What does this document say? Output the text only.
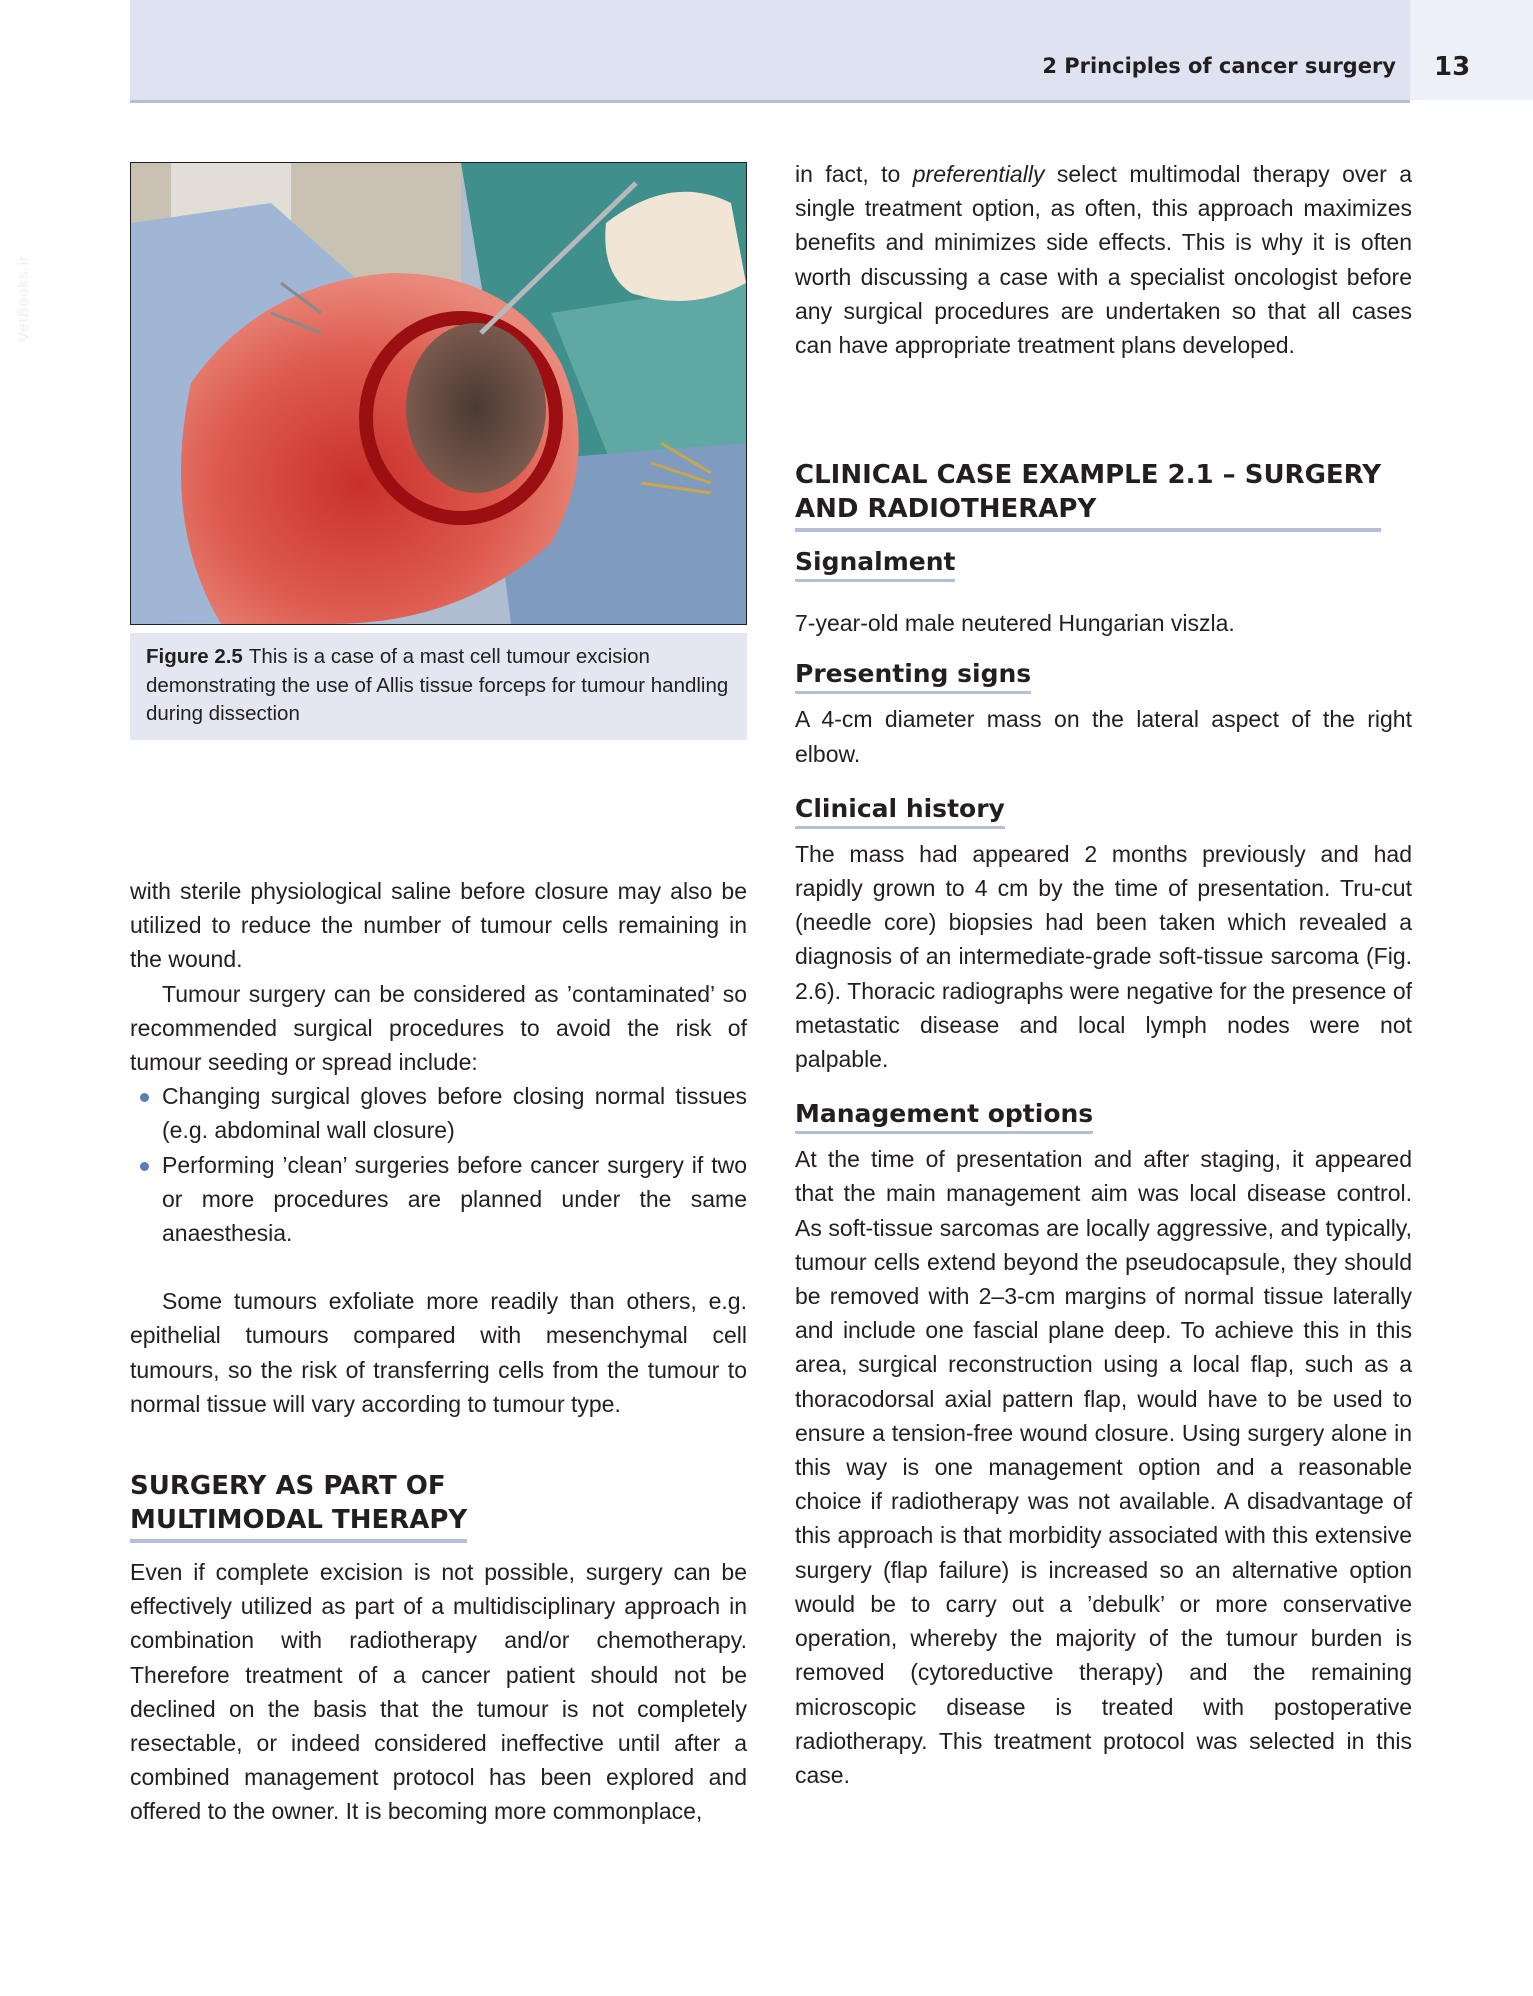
2 Principles of cancer surgery 13
VetBooks.ir
Figure 2.5 This is a case of a mast cell tumour excision demonstrating the use of Allis tissue forceps for tumour handling during dissection

with sterile physiological saline before closure may also be utilized to reduce the number of tumour cells remaining in the wound.

Tumour surgery can be considered as ’contaminated’ so recommended surgical procedures to avoid the risk of tumour seeding or spread include:

Changing surgical gloves before closing normal tissues (e.g. abdominal wall closure)
Performing ’clean’ surgeries before cancer surgery if two or more procedures are planned under the same anaesthesia.

Some tumours exfoliate more readily than others, e.g. epithelial tumours compared with mesenchymal cell tumours, so the risk of transferring cells from the tumour to normal tissue will vary according to tumour type.

SURGERY AS PART OF
MULTIMODAL THERAPY

Even if complete excision is not possible, surgery can be effectively utilized as part of a multidisciplinary approach in combination with radiotherapy and/or chemotherapy. Therefore treatment of a cancer patient should not be declined on the basis that the tumour is not completely resectable, or indeed considered ineffective until after a combined management protocol has been explored and offered to the owner. It is becoming more commonplace,

in fact, to preferentially select multimodal therapy over a single treatment option, as often, this approach maximizes benefits and minimizes side effects. This is why it is often worth discussing a case with a specialist oncologist before any surgical procedures are undertaken so that all cases can have appropriate treatment plans developed.

CLINICAL CASE EXAMPLE 2.1 – SURGERY
AND RADIOTHERAPY
Signalment

7-year-old male neutered Hungarian viszla.

Presenting signs

A 4-cm diameter mass on the lateral aspect of the right elbow.

Clinical history

The mass had appeared 2 months previously and had rapidly grown to 4 cm by the time of presentation. Tru-cut (needle core) biopsies had been taken which revealed a diagnosis of an intermediate-grade soft-tissue sarcoma (Fig. 2.6). Thoracic radiographs were negative for the presence of metastatic disease and local lymph nodes were not palpable.

Management options

At the time of presentation and after staging, it appeared that the main management aim was local disease control. As soft-tissue sarcomas are locally aggressive, and typically, tumour cells extend beyond the pseudocapsule, they should be removed with 2–3-cm margins of normal tissue laterally and include one fascial plane deep. To achieve this in this area, surgical reconstruction using a local flap, such as a thoracodorsal axial pattern flap, would have to be used to ensure a tension-free wound closure. Using surgery alone in this way is one management option and a reasonable choice if radiotherapy was not available. A disadvantage of this approach is that morbidity associated with this extensive surgery (flap failure) is increased so an alternative option would be to carry out a ’debulk’ or more conservative operation, whereby the majority of the tumour burden is removed (cytoreductive therapy) and the remaining microscopic disease is treated with postoperative radiotherapy. This treatment protocol was selected in this case.
